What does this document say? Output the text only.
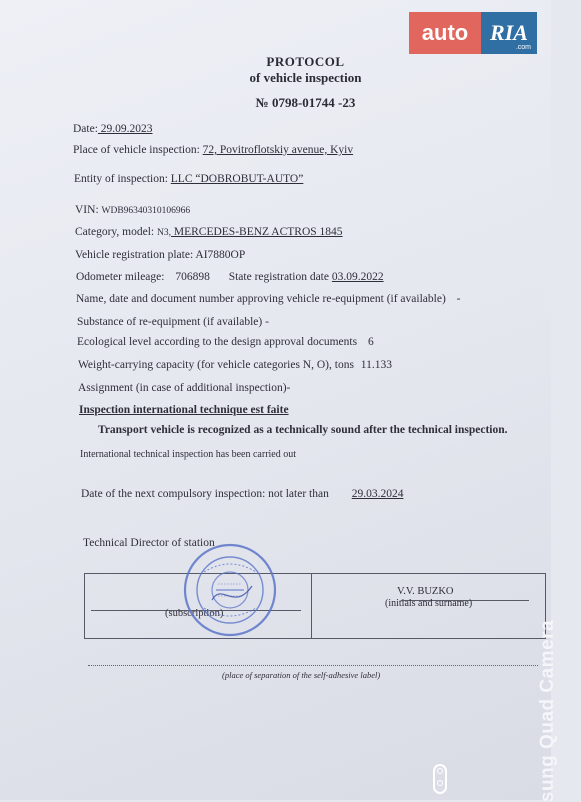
auto RIA
.com
PROTOCOL
of vehicle inspection
№ 0798-01744 -23
Date: 29.09.2023
Place of vehicle inspection: 72, Povitroflotskiy avenue, Kyiv
Entity of inspection: LLC “DOBROBUT-AUTO”
VIN: WDB96340310106966
Category, model: N3, MERCEDES-BENZ ACTROS 1845
Vehicle registration plate: AI7880OP
Odometer mileage: 706898 State registration date 03.09.2022
Name, date and document number approving vehicle re-equipment (if available) -
Substance of re-equipment (if available) -
Ecological level according to the design approval documents 6
Weight-carrying capacity (for vehicle categories N, O), tons 11.133
Assignment (in case of additional inspection)-
Inspection international technique est faite
Transport vehicle is recognized as a technically sound after the technical inspection.
International technical inspection has been carried out
Date of the next compulsory inspection: not later than 29.03.2024
Technical Director of station
(subscription)
V.V. BUZKO
(initials and surname)
(place of separation of the self-adhesive label)	sung Quad Camera
